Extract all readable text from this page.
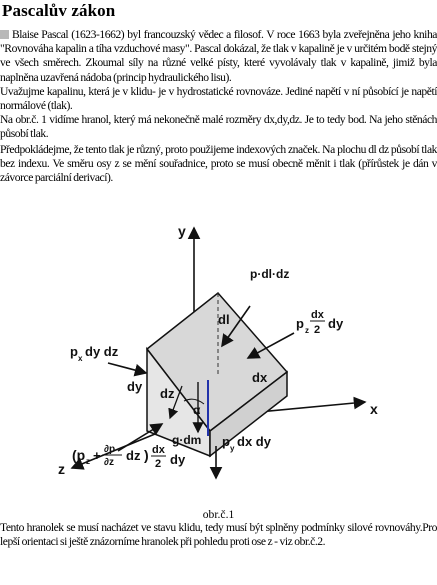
Pascalův zákon

Blaise Pascal (1623-1662) byl francouzský vědec a filosof. V roce 1663 byla zveřejněna jeho kniha "Rovnováha kapalin a tíha vzduchové masy". Pascal dokázal, že tlak v kapalině je v určitém bodě stejný ve všech směrech. Zkoumal síly na různé velké písty, které vyvolávaly tlak v kapalině, jimiž byla naplněna uzavřená nádoba (princip hydraulického lisu).

Uvažujme kapalinu, která je v klidu- je v hydrostatické rovnováze. Jediné napětí v ní působící je napětí normálové (tlak).

Na obr.č. 1 vidíme hranol, který má nekonečně malé rozměry dx,dy,dz. Je to tedy bod. Na jeho stěnách působí tlak.

Předpokládejme, že tento tlak je různý, proto použijeme indexových značek. Na plochu dl dz působí tlak bez indexu. Ve směru osy z se mění souřadnice, proto se musí obecně měnit i tlak (přírůstek je dán v závorce parciální derivací).
y
x
z
p·dl·dz
dl	p z
dx
2 dy
p x dy dz
dx
dy dz
α
g·dm p y dx dy
(p z + ∂p
∂z dz ) dx
2 dy
obr.č.1
Tento hranolek se musí nacházet ve stavu klidu, tedy musí být splněny podmínky silové rovnováhy.Pro lepší orientaci si ještě znázorníme hranolek při pohledu proti ose z - viz obr.č.2.
